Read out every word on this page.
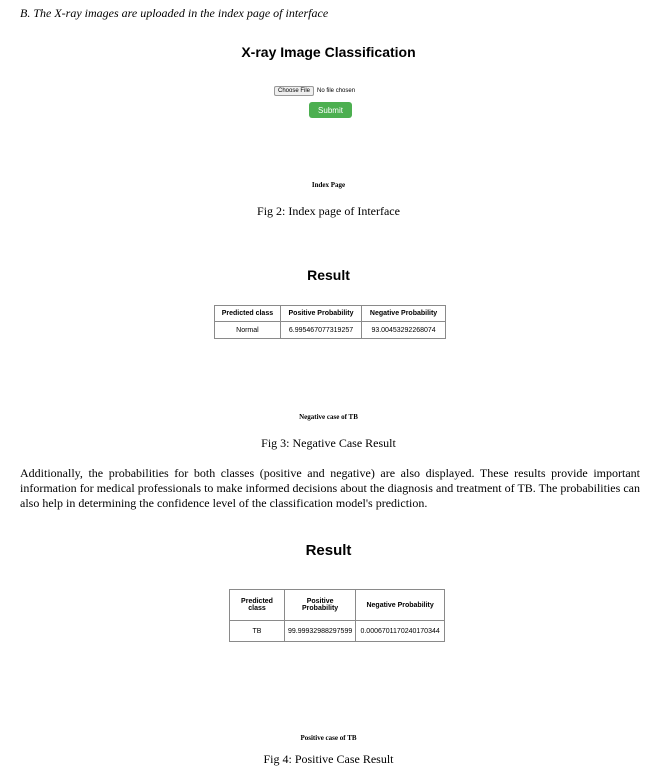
B. The X-ray images are uploaded in the index page of interface
X-ray Image Classification
Choose File	No file chosen
Submit
Index Page
Fig 2: Index page of Interface
Result
Predicted class	Positive Probability	Negative Probability
Normal	6.995467077319257	93.00453292268074
Negative case of TB
Fig 3: Negative Case Result
Additionally, the probabilities for both classes (positive and negative) are also displayed. These results provide important information for medical professionals to make informed decisions about the diagnosis and treatment of TB. The probabilities can also help in determining the confidence level of the classification model's prediction.
Result
Predicted class	Positive Probability	Negative Probability
TB	99.99932988297599	0.0006701170240170344
Positive case of TB
Fig 4: Positive Case Result
